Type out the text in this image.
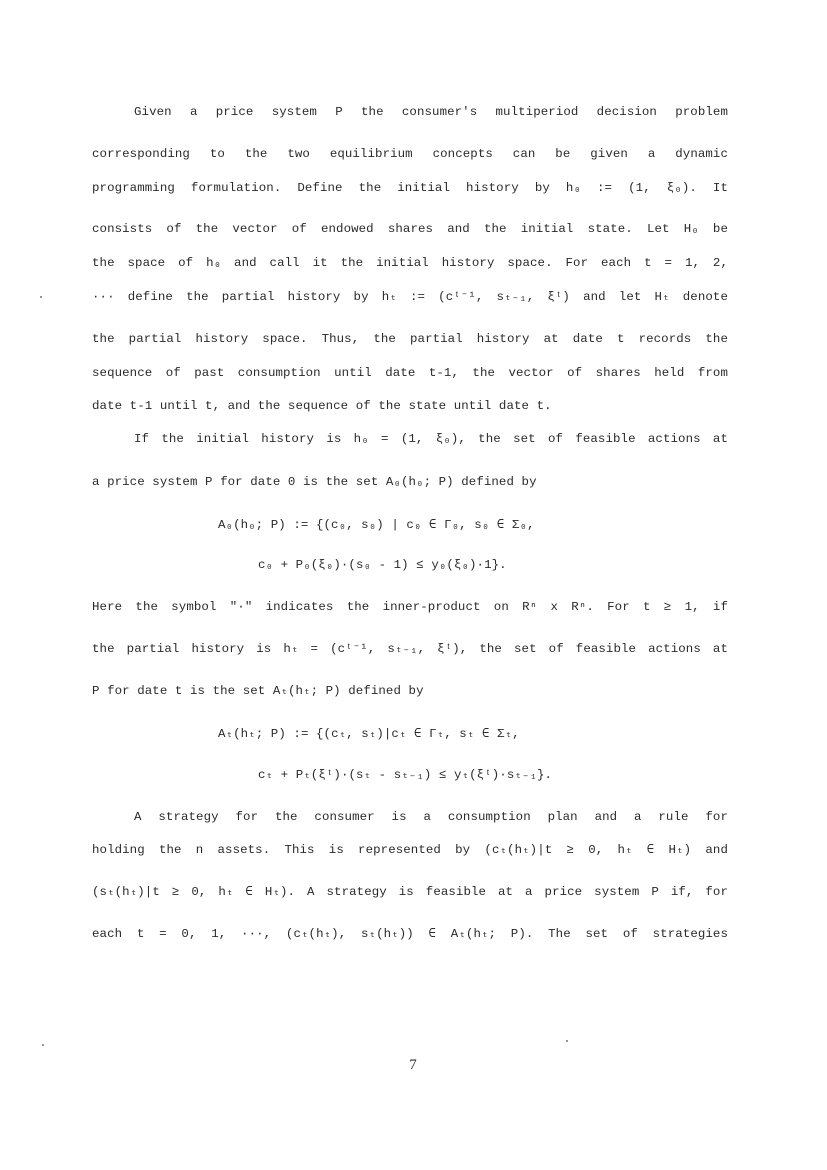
Given a price system P the consumer's multiperiod decision problem
corresponding to the two equilibrium concepts can be given a dynamic
programming formulation. Define the initial history by h₀ := (1, ξ₀). It
consists of the vector of endowed shares and the initial state. Let H₀ be
the space of h₀ and call it the initial history space. For each t = 1, 2,
··· define the partial history by hₜ := (cᵗ⁻¹, sₜ₋₁, ξᵗ) and let Hₜ denote
the partial history space. Thus, the partial history at date t records the
sequence of past consumption until date t-1, the vector of shares held from
date t-1 until t, and the sequence of the state until date t.
If the initial history is h₀ = (1, ξ₀), the set of feasible actions at
a price system P for date 0 is the set A₀(h₀; P) defined by
A₀(h₀; P) := {(c₀, s₀) | c₀ ∈ Γ₀, s₀ ∈ Σ₀,
c₀ + P₀(ξ₀)·(s₀ - 1) ≤ y₀(ξ₀)·1}.
Here the symbol "·" indicates the inner-product on Rⁿ x Rⁿ. For t ≥ 1, if
the partial history is hₜ = (cᵗ⁻¹, sₜ₋₁, ξᵗ), the set of feasible actions at
P for date t is the set Aₜ(hₜ; P) defined by
Aₜ(hₜ; P) := {(cₜ, sₜ)|cₜ ∈ Γₜ, sₜ ∈ Σₜ,
cₜ + Pₜ(ξᵗ)·(sₜ - sₜ₋₁) ≤ yₜ(ξᵗ)·sₜ₋₁}.
A strategy for the consumer is a consumption plan and a rule for
holding the n assets. This is represented by (cₜ(hₜ)|t ≥ 0, hₜ ∈ Hₜ) and
(sₜ(hₜ)|t ≥ 0, hₜ ∈ Hₜ). A strategy is feasible at a price system P if, for
each t = 0, 1, ···, (cₜ(hₜ), sₜ(hₜ)) ∈ Aₜ(hₜ; P). The set of strategies
7
